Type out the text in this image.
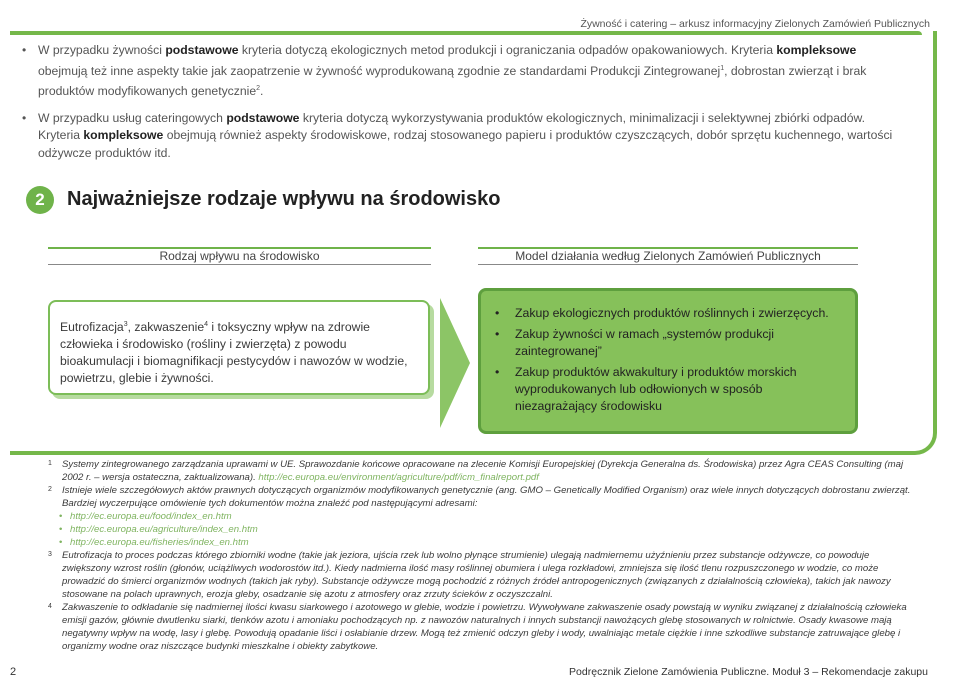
Żywność i catering – arkusz informacyjny Zielonych Zamówień Publicznych
• W przypadku żywności podstawowe kryteria dotyczą ekologicznych metod produkcji i ograniczania odpadów opakowaniowych. Kryteria kompleksowe obejmują też inne aspekty takie jak zaopatrzenie w żywność wyprodukowaną zgodnie ze standardami Produkcji Zintegrowanej$^1$, dobrostan zwierząt i brak produktów modyfikowanych genetycznie$^2$.
• W przypadku usług cateringowych podstawowe kryteria dotyczą wykorzystywania produktów ekologicznych, minimalizacji i selektywnej zbiórki odpadów. Kryteria kompleksowe obejmują również aspekty środowiskowe, rodzaj stosowanego papieru i produktów czyszczących, dobór sprzętu kuchennego, wartości odżywcze produktów itd.
2	Najważniejsze rodzaje wpływu na środowisko
Rodzaj wpływu na środowisko	Model działania według Zielonych Zamówień Publicznych
Eutrofizacja$^3$, zakwaszenie$^4$ i toksyczny wpływ na zdrowie człowieka i środowisko (rośliny i zwierzęta) z powodu bioakumulacji i biomagnifikacji pestycydów i nawozów w wodzie, powietrzu, glebie i żywności.
• Zakup ekologicznych produktów roślinnych i zwierzęcych.
• Zakup żywności w ramach „systemów produkcji zaintegrowanej”
• Zakup produktów akwakultury i produktów morskich wyprodukowanych lub odłowionych w sposób niezagrażający środowisku
1 Systemy zintegrowanego zarządzania uprawami w UE. Sprawozdanie końcowe opracowane na zlecenie Komisji Europejskiej (Dyrekcja Generalna ds. Środowiska) przez Agra CEAS Consulting (maj 2002 r. – wersja ostateczna, zaktualizowana). http://ec.europa.eu/environment/agriculture/pdf/icm_finalreport.pdf
2 Istnieje wiele szczegółowych aktów prawnych dotyczących organizmów modyfikowanych genetycznie (ang. GMO – Genetically Modified Organism) oraz wiele innych dotyczących dobrostanu zwierząt. Bardziej wyczerpujące omówienie tych dokumentów można znaleźć pod następującymi adresami:
• http://ec.europa.eu/food/index_en.htm
• http://ec.europa.eu/agriculture/index_en.htm
• http://ec.europa.eu/fisheries/index_en.htm
3 Eutrofizacja to proces podczas którego zbiorniki wodne (takie jak jeziora, ujścia rzek lub wolno płynące strumienie) ulegają nadmiernemu użyźnieniu przez substancje odżywcze, co powoduje zwiększony wzrost roślin (głonów, uciążliwych wodorostów itd.). Kiedy nadmierna ilość masy roślinnej obumiera i ulega rozkładowi, zmniejsza się ilość tlenu rozpuszczonego w wodzie, co może prowadzić do śmierci organizmów wodnych (takich jak ryby). Substancje odżywcze mogą pochodzić z różnych źródeł antropogenicznych (związanych z działalnością człowieka), takich jak nawozy stosowane na polach uprawnych, erozja gleby, osadzanie się azotu z atmosfery oraz zrzuty ścieków z oczyszczalni.
4 Zakwaszenie to odkładanie się nadmiernej ilości kwasu siarkowego i azotowego w glebie, wodzie i powietrzu. Wywoływane zakwaszenie osady powstają w wyniku związanej z działalnością człowieka emisji gazów, głównie dwutlenku siarki, tlenków azotu i amoniaku pochodzących np. z nawozów naturalnych i innych substancji nawożących glebę stosowanych w rolnictwie. Osady kwasowe mają negatywny wpływ na wodę, lasy i glebę. Powodują opadanie liści i osłabianie drzew. Mogą też zmienić odczyn gleby i wody, uwalniając metale ciężkie i inne szkodliwe substancje zatruwające glebę i organizmy wodne oraz niszczące budynki mieszkalne i obiekty zabytkowe.
2	Podręcznik Zielone Zamówienia Publiczne. Moduł 3 – Rekomendacje zakupu
